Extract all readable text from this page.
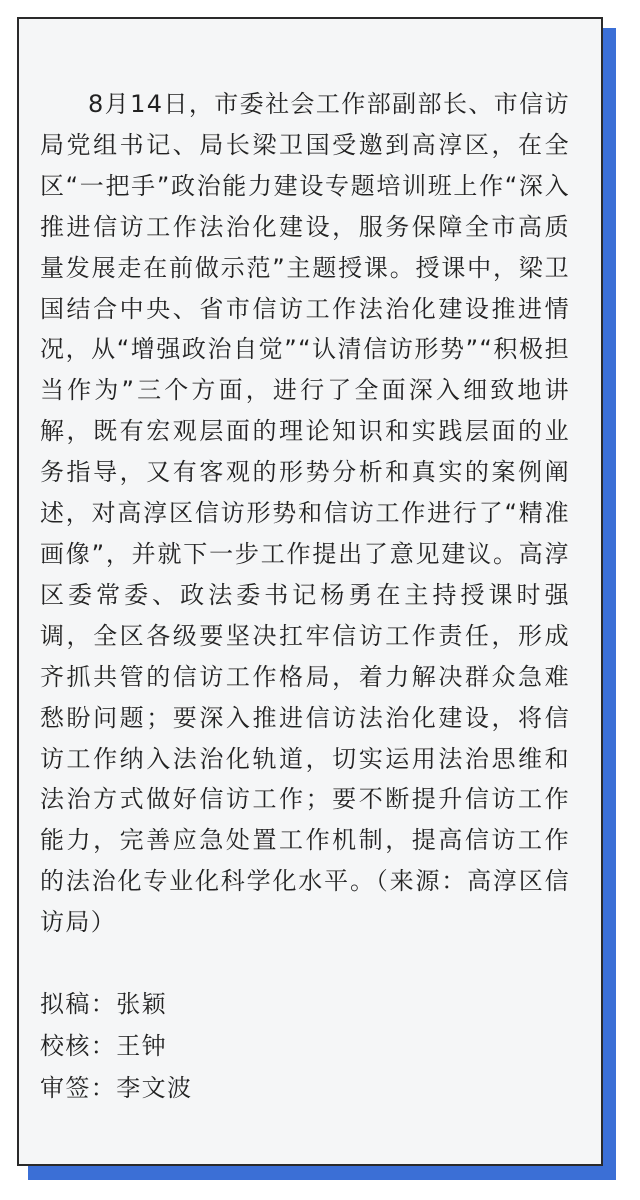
8月14日，市委社会工作部副部长、市信访局党组书记、局长梁卫国受邀到高淳区，在全区“一把手”政治能力建设专题培训班上作“深入推进信访工作法治化建设，服务保障全市高质量发展走在前做示范”主题授课。授课中，梁卫国结合中央、省市信访工作法治化建设推进情况，从“增强政治自觉”“认清信访形势”“积极担当作为”三个方面，进行了全面深入细致地讲解，既有宏观层面的理论知识和实践层面的业务指导，又有客观的形势分析和真实的案例阐述，对高淳区信访形势和信访工作进行了“精准画像”，并就下一步工作提出了意见建议。高淳区委常委、政法委书记杨勇在主持授课时强调，全区各级要坚决扛牢信访工作责任，形成齐抓共管的信访工作格局，着力解决群众急难愁盼问题；要深入推进信访法治化建设，将信访工作纳入法治化轨道，切实运用法治思维和法治方式做好信访工作；要不断提升信访工作能力，完善应急处置工作机制，提高信访工作的法治化专业化科学化水平。（来源：高淳区信访局）

拟稿：张颖
校核：王钟
审签：李文波
